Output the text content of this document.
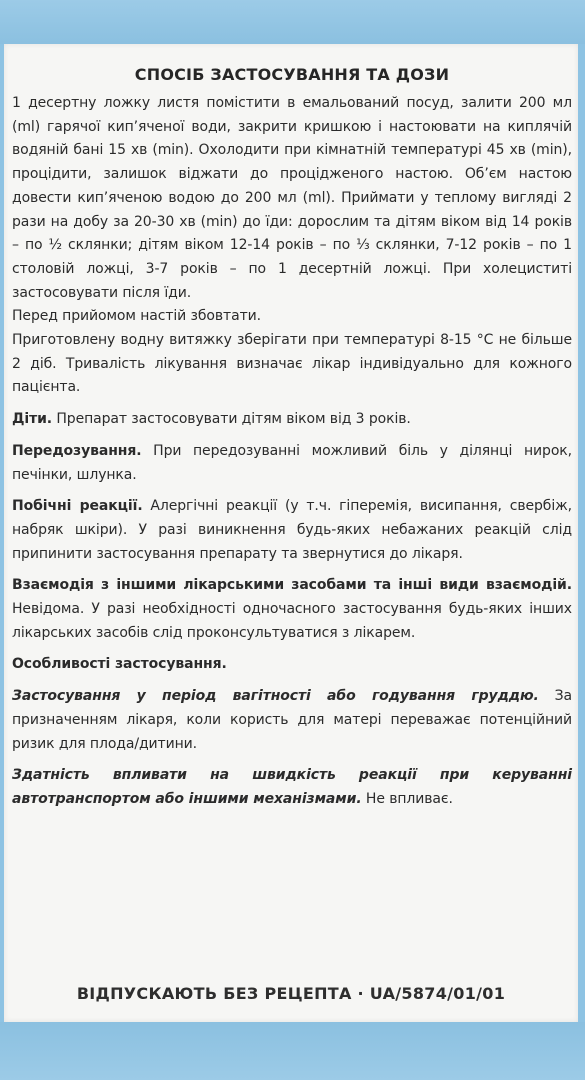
СПОСІБ ЗАСТОСУВАННЯ ТА ДОЗИ

1 десертну ложку листя помістити в емальований посуд, залити 200 мл (ml) гарячої кип’яченої води, закрити кришкою і настоювати на киплячій водяній бані 15 хв (min). Охолодити при кімнатній температурі 45 хв (min), процідити, залишок віджати до процідженого настою. Об’єм настою довести кип’яченою водою до 200 мл (ml). Приймати у теплому вигляді 2 рази на добу за 20-30 хв (min) до їди: дорослим та дітям віком від 14 років – по ½ склянки; дітям віком 12-14 років – по ⅓ склянки, 7-12 років – по 1 столовій ложці, 3-7 років – по 1 десертній ложці. При холециститі застосовувати після їди.

Перед прийомом настій збовтати.

Приготовлену водну витяжку зберігати при температурі 8-15 °С не більше 2 діб. Тривалість лікування визначає лікар індивідуально для кожного пацієнта.

Діти. Препарат застосовувати дітям віком від 3 років.

Передозування. При передозуванні можливий біль у ділянці нирок, печінки, шлунка.

Побічні реакції. Алергічні реакції (у т.ч. гіперемія, висипання, свербіж, набряк шкіри). У разі виникнення будь-яких небажаних реакцій слід припинити застосування препарату та звернутися до лікаря.

Взаємодія з іншими лікарськими засобами та інші види взаємодій. Невідома. У разі необхідності одночасного застосування будь-яких інших лікарських засобів слід проконсультуватися з лікарем.

Особливості застосування.

Застосування у період вагітності або годування груддю. За призначенням лікаря, коли користь для матері переважає потенційний ризик для плода/дитини.

Здатність впливати на швидкість реакції при керуванні автотранспортом або іншими механізмами. Не впливає.

ВІДПУСКАЮТЬ БЕЗ РЕЦЕПТА · UA/5874/01/01
